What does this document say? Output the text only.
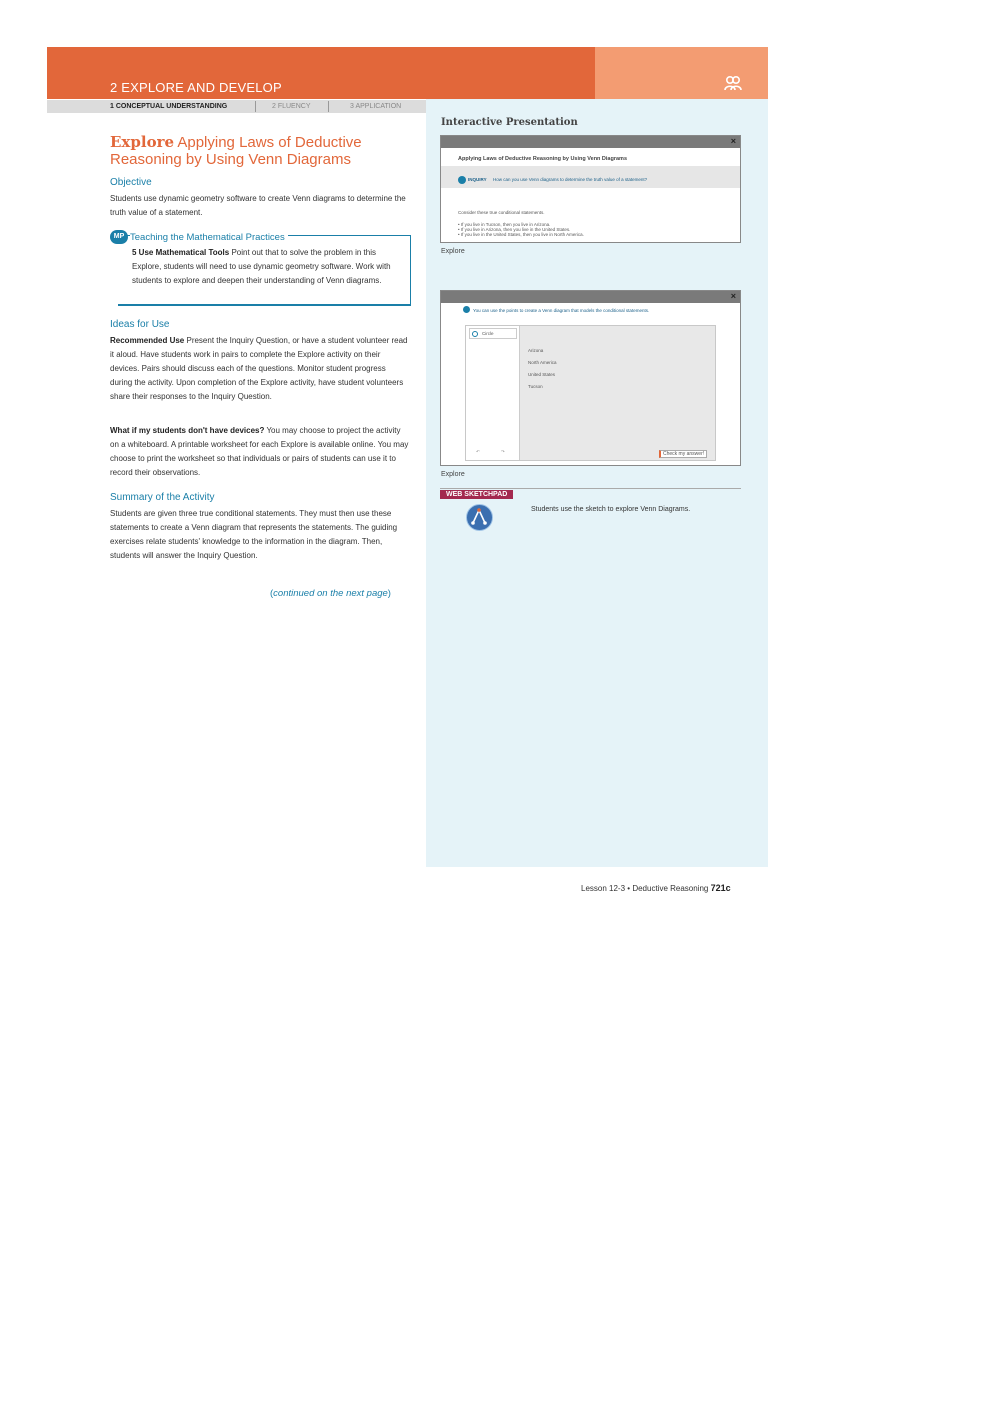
2 EXPLORE AND DEVELOP
1 CONCEPTUAL UNDERSTANDING	2 FLUENCY	3 APPLICATION
Explore Applying Laws of Deductive
Reasoning by Using Venn Diagrams
Objective
Students use dynamic geometry software to create Venn diagrams to determine the truth value of a statement.
MP Teaching the Mathematical Practices
5 Use Mathematical Tools Point out that to solve the problem in this Explore, students will need to use dynamic geometry software. Work with students to explore and deepen their understanding of Venn diagrams.
Ideas for Use
Recommended Use Present the Inquiry Question, or have a student volunteer read it aloud. Have students work in pairs to complete the Explore activity on their devices. Pairs should discuss each of the questions. Monitor student progress during the activity. Upon completion of the Explore activity, have student volunteers share their responses to the Inquiry Question.
What if my students don't have devices? You may choose to project the activity on a whiteboard. A printable worksheet for each Explore is available online. You may choose to print the worksheet so that individuals or pairs of students can use it to record their observations.
Summary of the Activity
Students are given three true conditional statements. They must then use these statements to create a Venn diagram that represents the statements. The guiding exercises relate students' knowledge to the information in the diagram. Then, students will answer the Inquiry Question.
(continued on the next page)
Interactive Presentation
×
Applying Laws of Deductive Reasoning by Using Venn Diagrams
INQUIRY How can you use Venn diagrams to determine the truth value of a statement?
Consider these true conditional statements.
• If you live in Tucson, then you live in Arizona.
• If you live in Arizona, then you live in the United States.
• If you live in the United States, then you live in North America.
Explore
×
You can use the points to create a Venn diagram that models the conditional statements.
Circle
↶	↷
Arizona
North America
United States
Tucson
Check my answer!
Explore
WEB SKETCHPAD
Students use the sketch to explore Venn Diagrams.
Lesson 12-3 • Deductive Reasoning 721c
